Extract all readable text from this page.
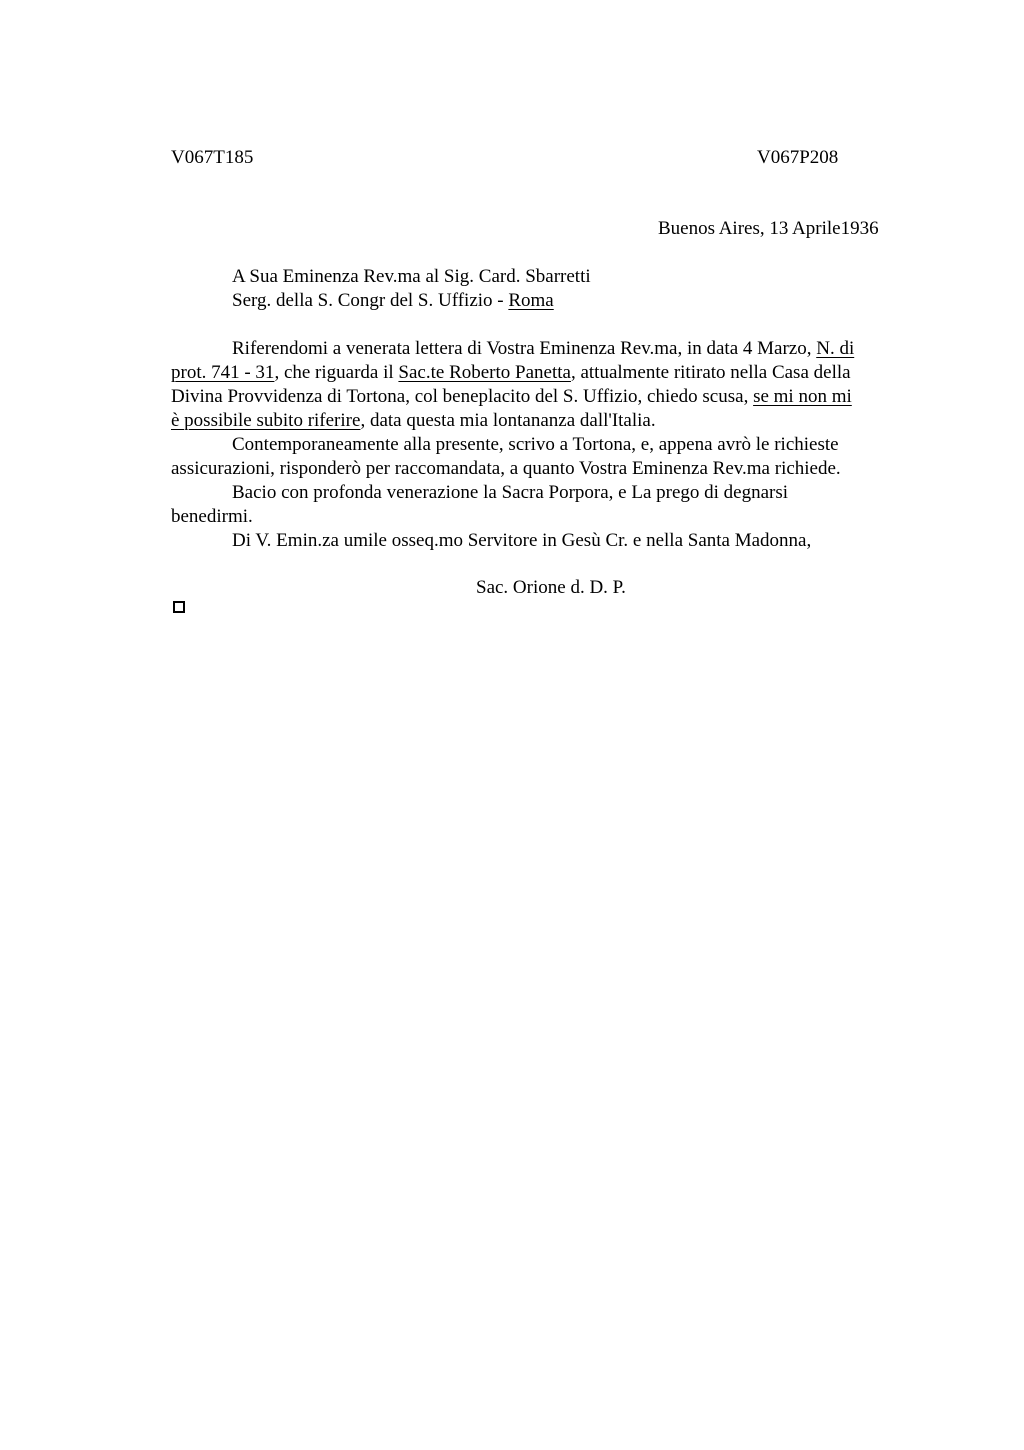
V067T185	V067P208
Buenos Aires, 13 Aprile1936
A Sua Eminenza Rev.ma al Sig. Card. Sbarretti
Serg. della S. Congr del S. Uffizio - Roma
Riferendomi a venerata lettera di Vostra Eminenza Rev.ma, in data 4 Marzo, N. di
prot. 741 - 31, che riguarda il Sac.te Roberto Panetta, attualmente ritirato nella Casa della
Divina Provvidenza di Tortona, col beneplacito del S. Uffizio, chiedo scusa, se mi non mi
è possibile subito riferire, data questa mia lontananza dall'Italia.
Contemporaneamente alla presente, scrivo a Tortona, e, appena avrò le richieste
assicurazioni, risponderò per raccomandata, a quanto Vostra Eminenza Rev.ma richiede.
Bacio con profonda venerazione la Sacra Porpora, e La prego di degnarsi
benedirmi.
Di V. Emin.za umile osseq.mo Servitore in Gesù Cr. e nella Santa Madonna,
Sac. Orione d. D. P.
